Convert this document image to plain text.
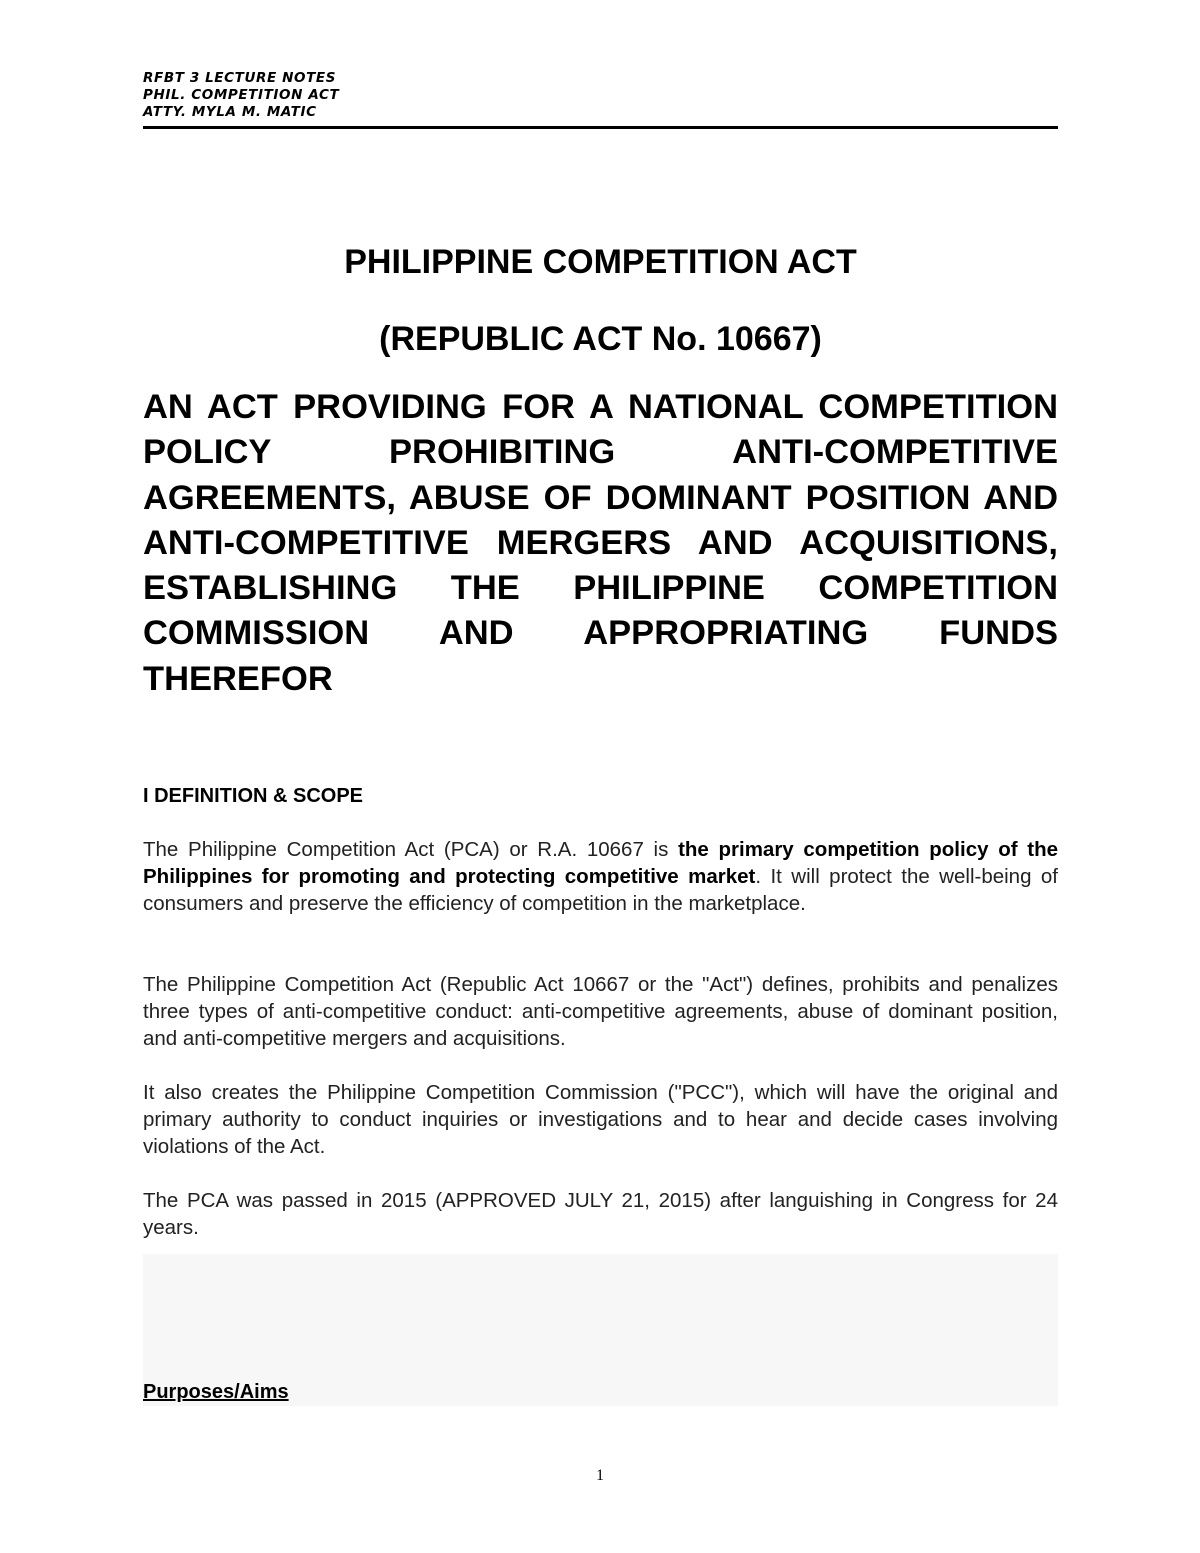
RFBT 3 LECTURE NOTES
PHIL. COMPETITION ACT
ATTY. MYLA M. MATIC
PHILIPPINE COMPETITION ACT
(REPUBLIC ACT No. 10667)
AN ACT PROVIDING FOR A NATIONAL COMPETITION POLICY PROHIBITING ANTI-COMPETITIVE AGREEMENTS, ABUSE OF DOMINANT POSITION AND ANTI-COMPETITIVE MERGERS AND ACQUISITIONS, ESTABLISHING THE PHILIPPINE COMPETITION COMMISSION AND APPROPRIATING FUNDS THEREFOR
I DEFINITION & SCOPE
The Philippine Competition Act (PCA) or R.A. 10667 is the primary competition policy of the Philippines for promoting and protecting competitive market. It will protect the well-being of consumers and preserve the efficiency of competition in the marketplace.
The Philippine Competition Act (Republic Act 10667 or the "Act") defines, prohibits and penalizes three types of anti-competitive conduct: anti-competitive agreements, abuse of dominant position, and anti-competitive mergers and acquisitions.
It also creates the Philippine Competition Commission ("PCC"), which will have the original and primary authority to conduct inquiries or investigations and to hear and decide cases involving violations of the Act.
The PCA was passed in 2015 (APPROVED JULY 21, 2015) after languishing in Congress for 24 years.
Purposes/Aims
1
